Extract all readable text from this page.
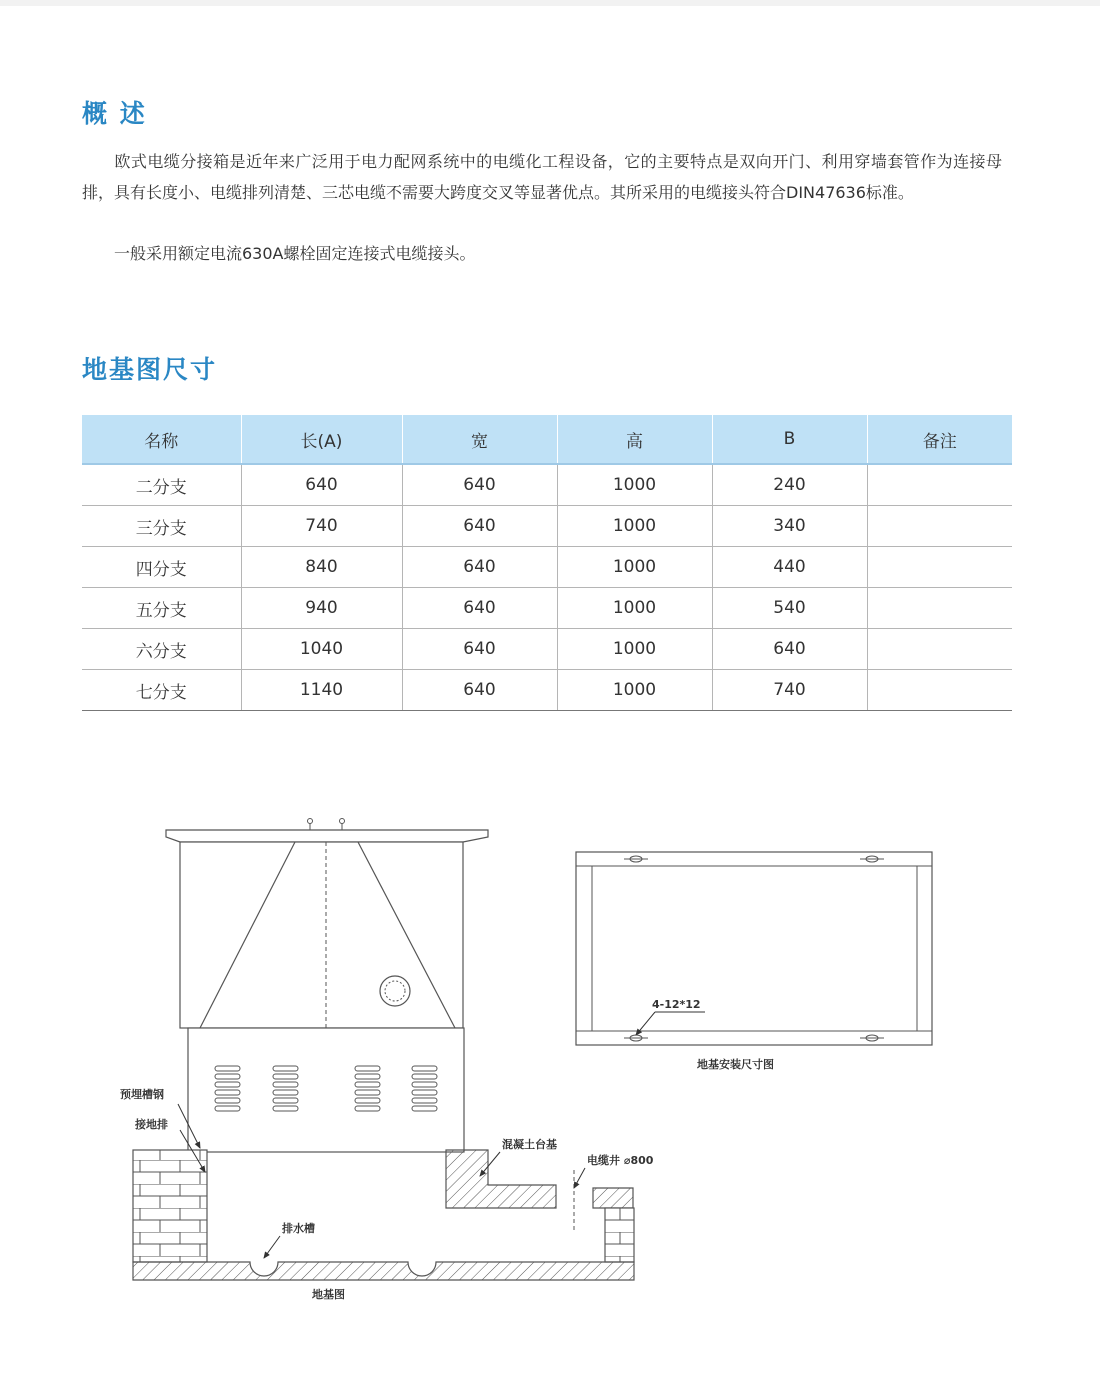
概 述

欧式电缆分接箱是近年来广泛用于电力配网系统中的电缆化工程设备，它的主要特点是双向开门、利用穿墙套管作为连接母排，具有长度小、电缆排列清楚、三芯电缆不需要大跨度交叉等显著优点。其所采用的电缆接头符合DIN47636标准。

一般采用额定电流630A螺栓固定连接式电缆接头。

地基图尺寸
名称	长(A)	宽	高	B	备注
二分支	640	640	1000	240	
三分支	740	640	1000	340	
四分支	840	640	1000	440	
五分支	940	640	1000	540	
六分支	1040	640	1000	640	
七分支	1140	640	1000	740	
预埋槽钢
接地排
混凝土台基
电缆井 ⌀800
排水槽
地基图
4-12*12
地基安装尺寸图
